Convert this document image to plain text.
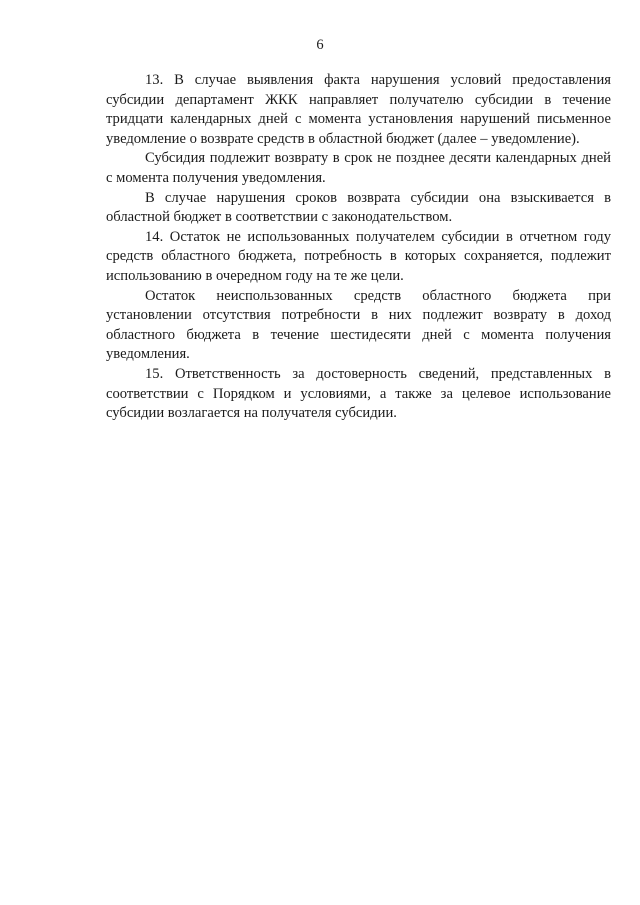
6

13. В случае выявления факта нарушения условий предоставления субсидии департамент ЖКК направляет получателю субсидии в течение тридцати календарных дней с момента установления нарушений письменное уведомление о возврате средств в областной бюджет (далее – уведомление).

Субсидия подлежит возврату в срок не позднее десяти календарных дней с момента получения уведомления.

В случае нарушения сроков возврата субсидии она взыскивается в областной бюджет в соответствии с законодательством.

14. Остаток не использованных получателем субсидии в отчетном году средств областного бюджета, потребность в которых сохраняется, подлежит использованию в очередном году на те же цели.

Остаток неиспользованных средств областного бюджета при установлении отсутствия потребности в них подлежит возврату в доход областного бюджета в течение шестидесяти дней с момента получения уведомления.

15. Ответственность за достоверность сведений, представленных в соответствии с Порядком и условиями, а также за целевое использование субсидии возлагается на получателя субсидии.
